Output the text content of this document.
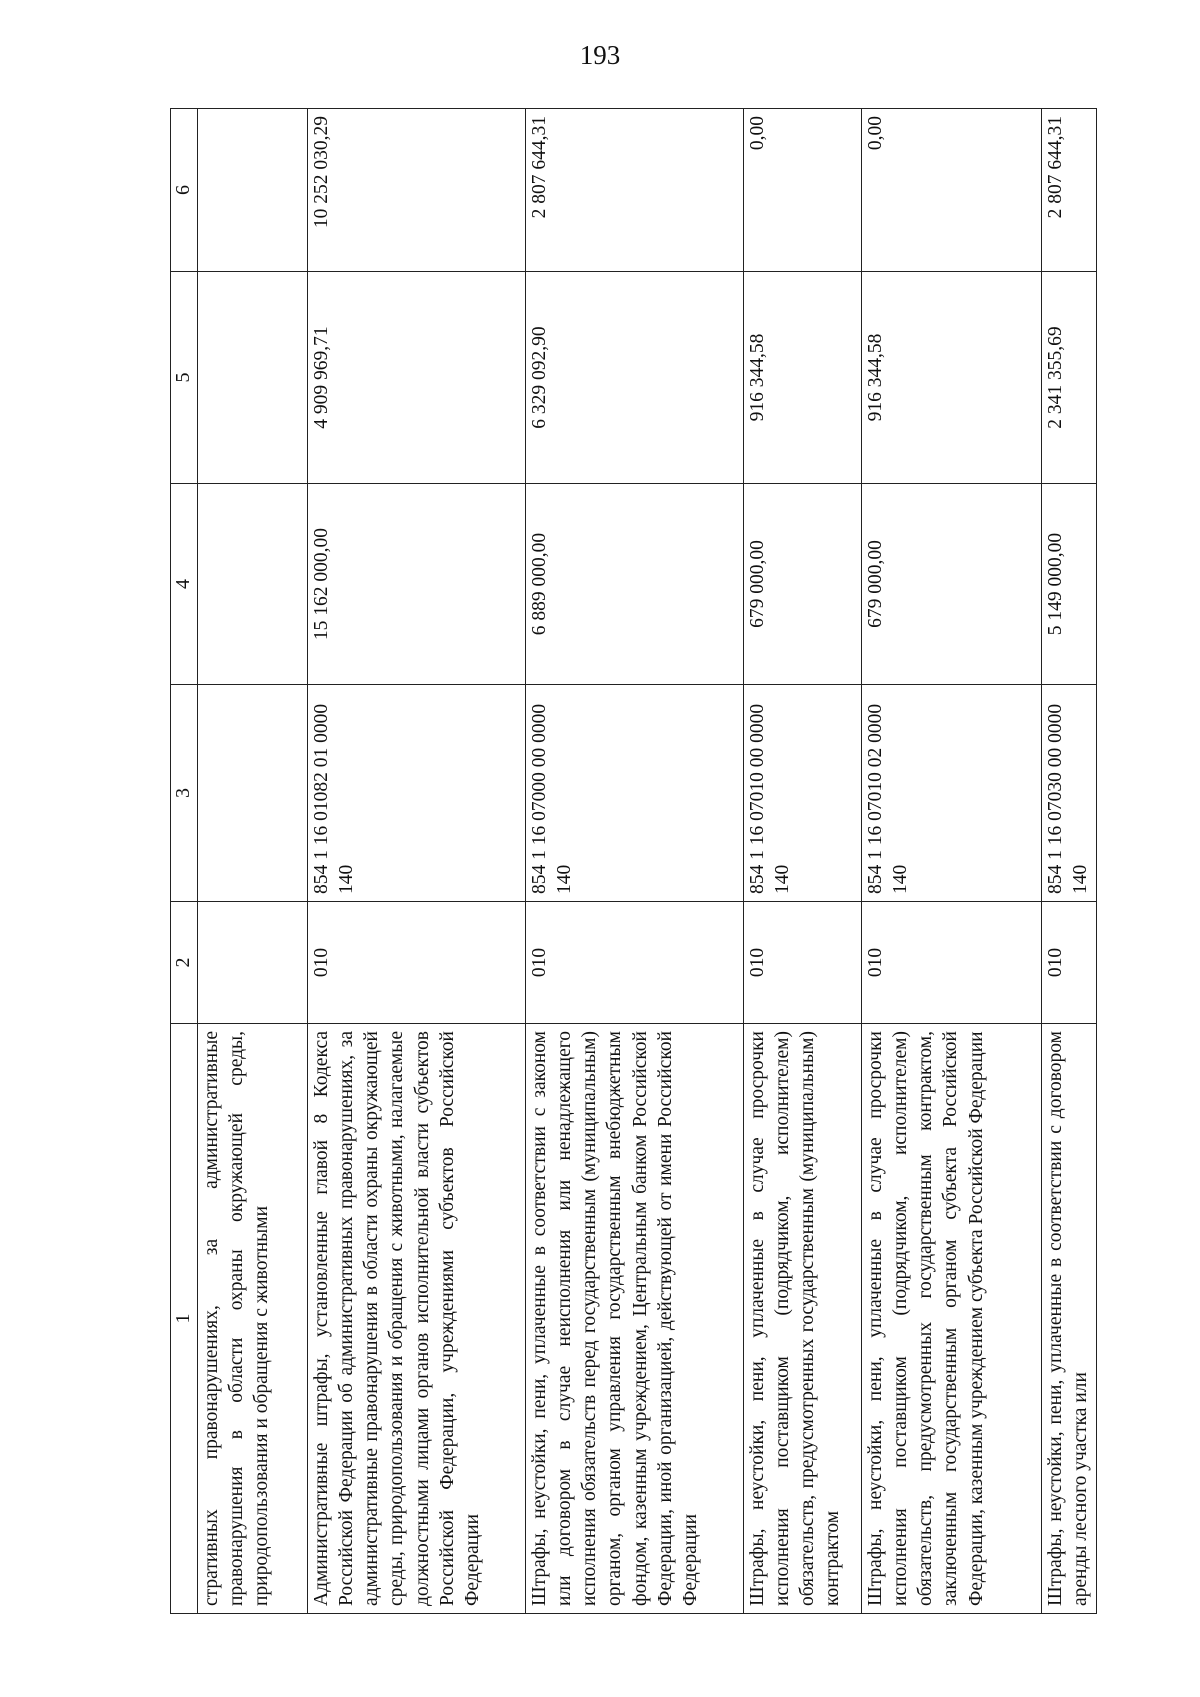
193
1	2	3	4	5	6
стративных правонарушениях, за административные правонарушения в области охраны окружающей среды, природопользования и обращения с животными					
Административные штрафы, установленные главой 8 Кодекса Российской Федерации об административных правонарушениях, за административные правонарушения в области охраны окружающей среды, природопользования и обращения с животными, налагаемые должностными лицами органов исполнительной власти субъектов Российской Федерации, учреждениями субъектов Российской Федерации	010	854 1 16 01082 01 0000 140	15 162 000,00	4 909 969,71	10 252 030,29
Штрафы, неустойки, пени, уплаченные в соответствии с законом или договором в случае неисполнения или ненадлежащего исполнения обязательств перед государственным (муниципальным) органом, органом управления государственным внебюджетным фондом, казенным учреждением, Центральным банком Российской Федерации, иной организацией, действующей от имени Российской Федерации	010	854 1 16 07000 00 0000 140	6 889 000,00	6 329 092,90	2 807 644,31
Штрафы, неустойки, пени, уплаченные в случае просрочки исполнения поставщиком (подрядчиком, исполнителем) обязательств, предусмотренных государственным (муниципальным) контрактом	010	854 1 16 07010 00 0000 140	679 000,00	916 344,58	0,00
Штрафы, неустойки, пени, уплаченные в случае просрочки исполнения поставщиком (подрядчиком, исполнителем) обязательств, предусмотренных государственным контрактом, заключенным государственным органом субъекта Российской Федерации, казенным учреждением субъекта Российской Федерации	010	854 1 16 07010 02 0000 140	679 000,00	916 344,58	0,00
Штрафы, неустойки, пени, уплаченные в соответствии с договором аренды лесного участка или	010	854 1 16 07030 00 0000 140	5 149 000,00	2 341 355,69	2 807 644,31
